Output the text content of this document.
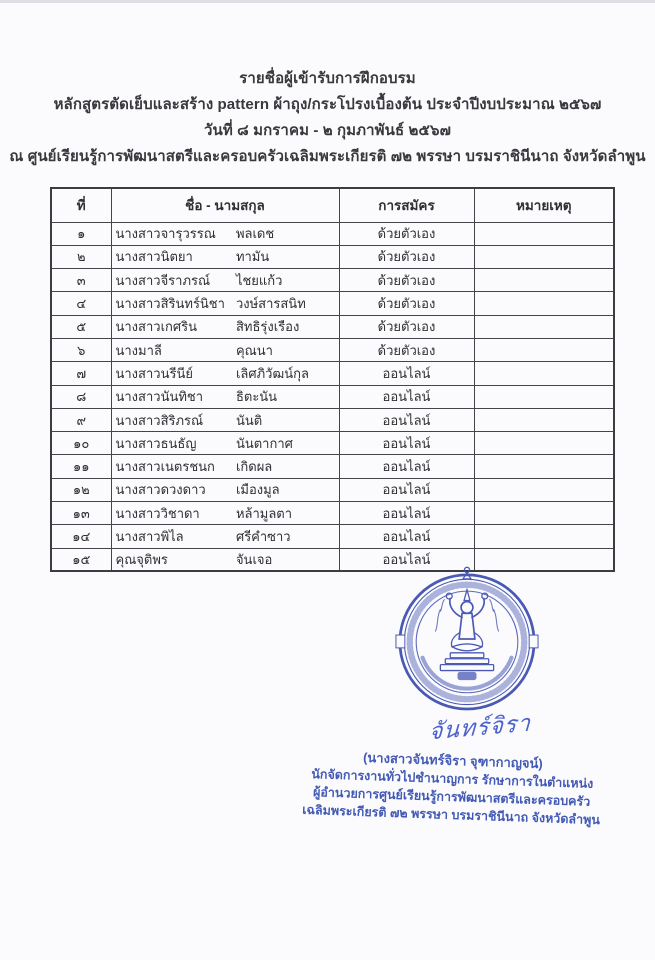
รายชื่อผู้เข้ารับการฝึกอบรม
หลักสูตรตัดเย็บและสร้าง pattern ผ้าถุง/กระโปรงเบื้องต้น ประจำปีงบประมาณ ๒๕๖๗
วันที่ ๘ มกราคม - ๒ กุมภาพันธ์ ๒๕๖๗
ณ ศูนย์เรียนรู้การพัฒนาสตรีและครอบครัวเฉลิมพระเกียรติ ๗๒ พรรษา บรมราชินีนาถ จังหวัดลำพูน
ที่	ชื่อ - นามสกุล	การสมัคร	หมายเหตุ
๑	นางสาวจารุวรรณ พลเดช	ด้วยตัวเอง	
๒	นางสาวนิตยา ทามัน	ด้วยตัวเอง	
๓	นางสาวจีราภรณ์ ไชยแก้ว	ด้วยตัวเอง	
๔	นางสาวสิรินทร์นิชา วงษ์สารสนิท	ด้วยตัวเอง	
๕	นางสาวเกศริน สิทธิรุ่งเรือง	ด้วยตัวเอง	
๖	นางมาลี คุณนา	ด้วยตัวเอง	
๗	นางสาวนรีนีย์ เลิศภิวัฒน์กุล	ออนไลน์	
๘	นางสาวนันทิชา ธิตะนัน	ออนไลน์	
๙	นางสาวสิริภรณ์ นันติ	ออนไลน์	
๑๐	นางสาวธนธัญ นันตากาศ	ออนไลน์	
๑๑	นางสาวเนตรชนก เกิดผล	ออนไลน์	
๑๒	นางสาวดวงดาว เมืองมูล	ออนไลน์	
๑๓	นางสาววิชาดา หล้ามูลตา	ออนไลน์	
๑๔	นางสาวพิไล ศรีคำซาว	ออนไลน์	
๑๕	คุณจุติพร จันเจอ	ออนไลน์	
จันทร์จิรา
(นางสาวจันทร์จิรา จุฑากาญจน์)
นักจัดการงานทั่วไปชำนาญการ รักษาการในตำแหน่ง
ผู้อำนวยการศูนย์เรียนรู้การพัฒนาสตรีและครอบครัว
เฉลิมพระเกียรติ ๗๒ พรรษา บรมราชินีนาถ จังหวัดลำพูน
